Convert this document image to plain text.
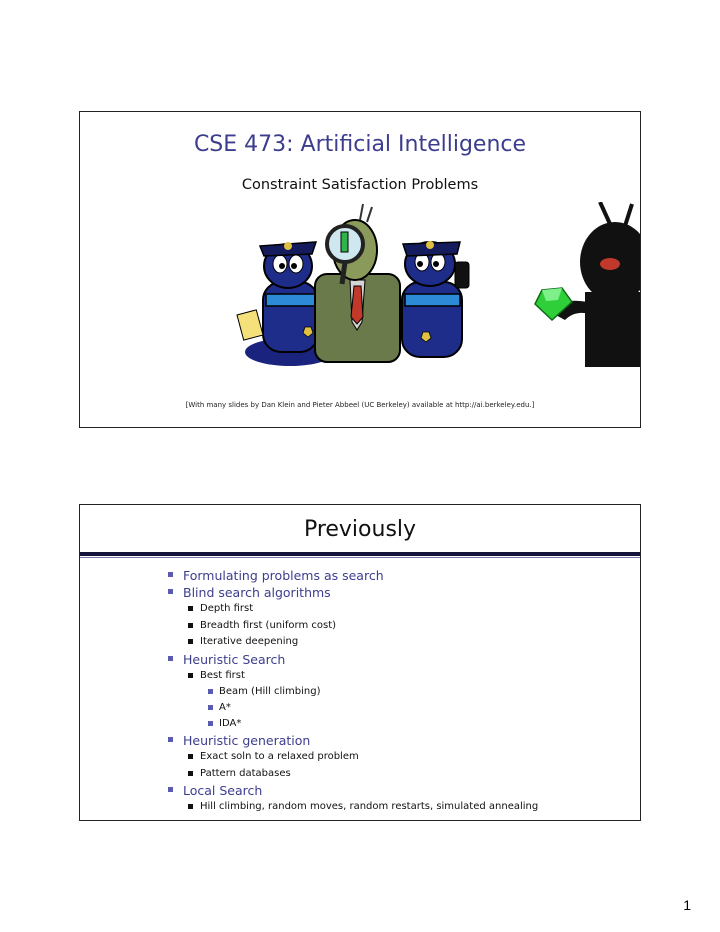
CSE 473: Artificial Intelligence
Constraint Satisfaction Problems
[With many slides by Dan Klein and Pieter Abbeel (UC Berkeley) available at http://ai.berkeley.edu.]
Previously
Formulating problems as search
Blind search algorithms
Depth first
Breadth first (uniform cost)
Iterative deepening
Heuristic Search
Best first
Beam (Hill climbing)
A*
IDA*
Heuristic generation
Exact soln to a relaxed problem
Pattern databases
Local Search
Hill climbing, random moves, random restarts, simulated annealing
1
